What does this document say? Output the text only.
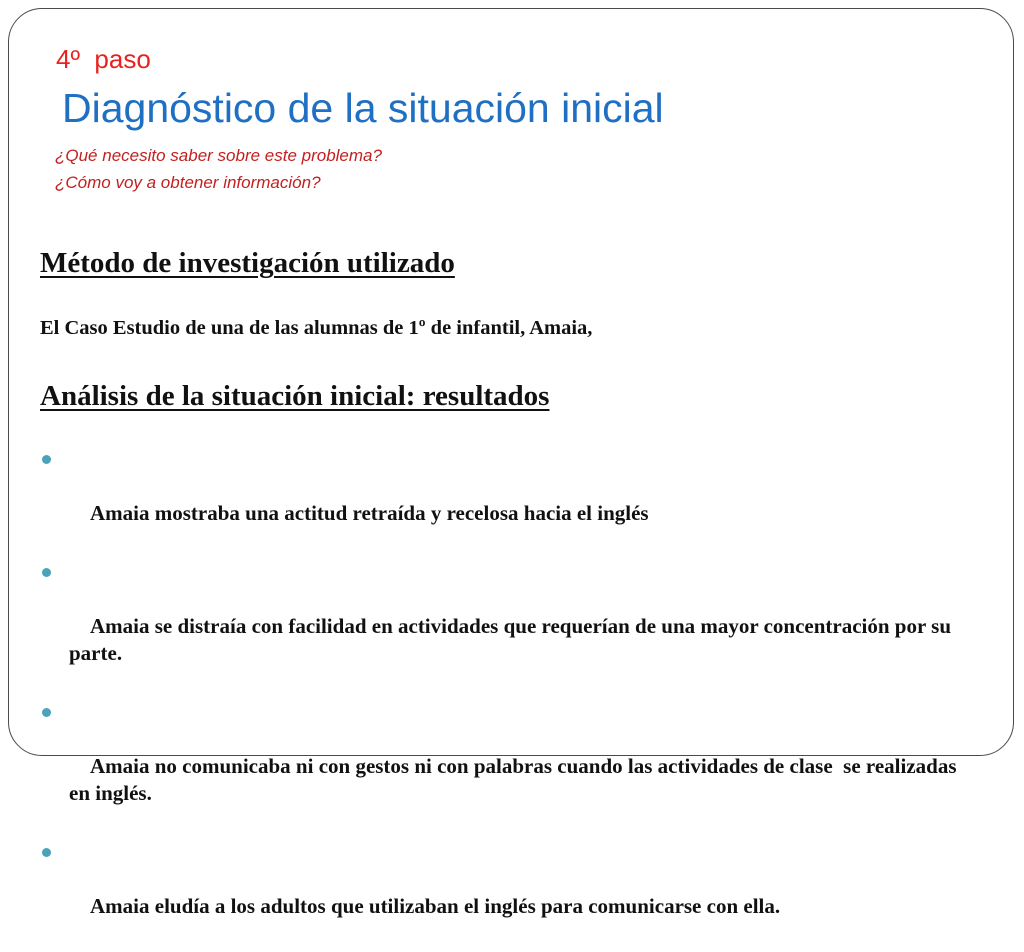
4º  paso
Diagnóstico de la situación inicial
¿Qué necesito saber sobre este problema?
¿Cómo voy a obtener información?
Método de investigación utilizado
El Caso Estudio de una de las alumnas de 1º de infantil, Amaia,
Análisis de la situación inicial: resultados

Amaia mostraba una actitud retraída y recelosa hacia el inglés

Amaia se distraía con facilidad en actividades que requerían de una mayor concentración por su parte.

Amaia no comunicaba ni con gestos ni con palabras cuando las actividades de clase  se realizadas en inglés.

Amaia eludía a los adultos que utilizaban el inglés para comunicarse con ella.
